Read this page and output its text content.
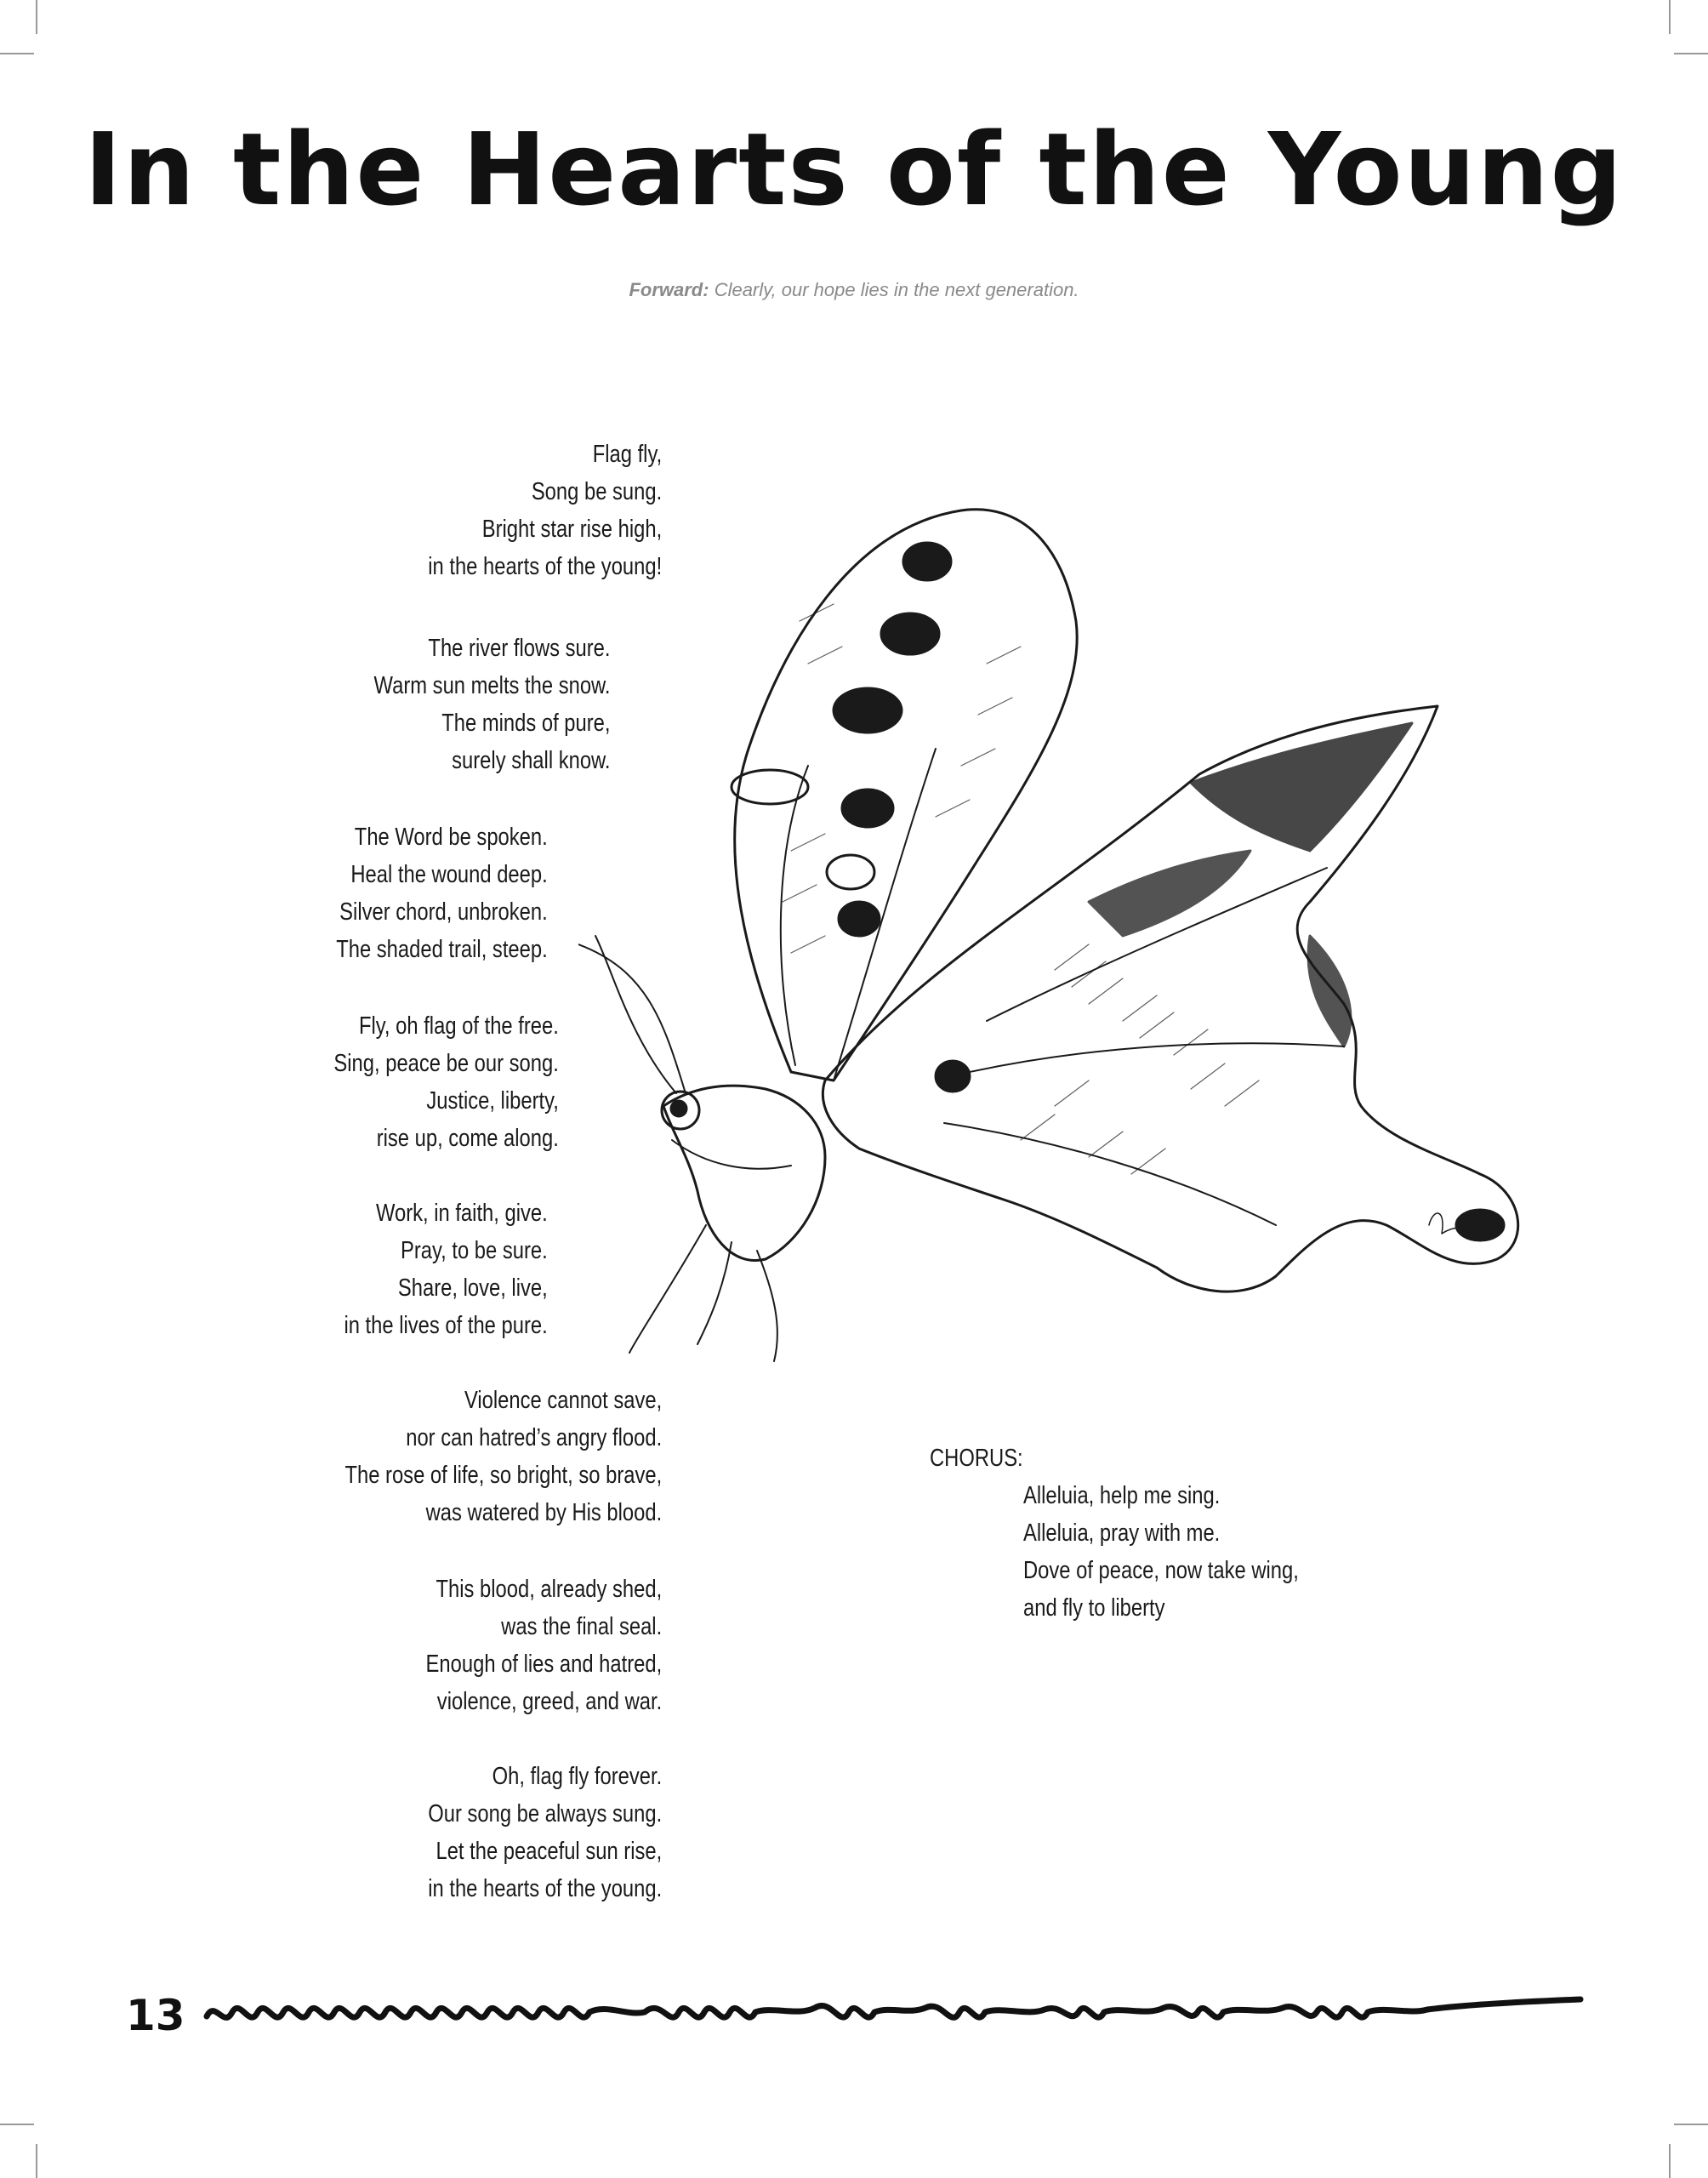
In the Hearts of the Young
Forward: Clearly, our hope lies in the next generation.
Flag fly,
Song be sung.
Bright star rise high,
in the hearts of the young!
The river flows sure.
Warm sun melts the snow.
The minds of pure,
surely shall know.
The Word be spoken.
Heal the wound deep.
Silver chord, unbroken.
The shaded trail, steep.
Fly, oh flag of the free.
Sing, peace be our song.
Justice, liberty,
rise up, come along.
Work, in faith, give.
Pray, to be sure.
Share, love, live,
in the lives of the pure.
Violence cannot save,
nor can hatred’s angry flood.
The rose of life, so bright, so brave,
was watered by His blood.
This blood, already shed,
was the final seal.
Enough of lies and hatred,
violence, greed, and war.
Oh, flag fly forever.
Our song be always sung.
Let the peaceful sun rise,
in the hearts of the young.
CHORUS:
Alleluia, help me sing.
Alleluia, pray with me.
Dove of peace, now take wing,
and fly to liberty
13
